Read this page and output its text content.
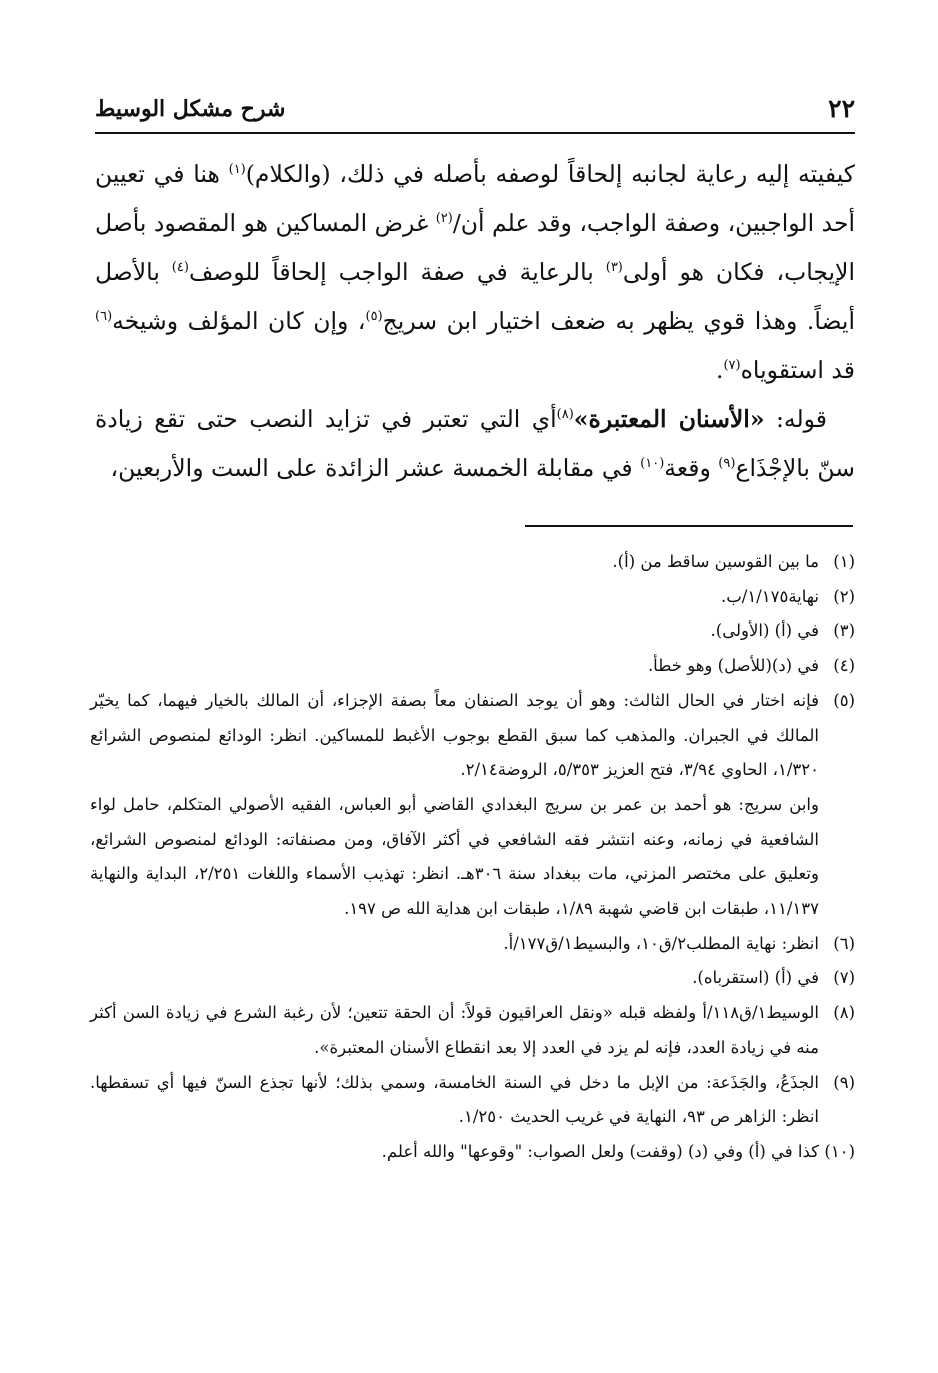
٢٢
شرح مشكل الوسيط

كيفيته إليه رعاية لجانبه إلحاقاً لوصفه بأصله في ذلك، (والكلام)$^{(١)}$ هنا في تعيين أحد الواجبين، وصفة الواجب، وقد علم أن/$^{(٢)}$ غرض المساكين هو المقصود بأصل الإيجاب، فكان هو أولى$^{(٣)}$ بالرعاية في صفة الواجب إلحاقاً للوصف$^{(٤)}$ بالأصل أيضاً. وهذا قوي يظهر به ضعف اختيار ابن سريج$^{(٥)}$، وإن كان المؤلف وشيخه$^{(٦)}$ قد استقوياه$^{(٧)}$.

قوله: «الأسنان المعتبرة»$^{(٨)}$أي التي تعتبر في تزايد النصب حتى تقع زيادة سنّ بالإجْذَاع$^{(٩)}$ وقعة$^{(١٠)}$ في مقابلة الخمسة عشر الزائدة على الست والأربعين،

(١)ما بين القوسين ساقط من (أ).

(٢)نهاية١/١٧٥/ب.

(٣)في (أ) (الأولى).

(٤)في (د)(للأصل) وهو خطأ.

(٥)فإنه اختار في الحال الثالث: وهو أن يوجد الصنفان معاً بصفة الإجزاء، أن المالك بالخيار فيهما، كما يخيّر المالك في الجبران. والمذهب كما سبق القطع بوجوب الأغبط للمساكين. انظر: الودائع لمنصوص الشرائع ١/٣٢٠، الحاوي ٣/٩٤، فتح العزيز ٥/٣٥٣، الروضة٢/١٤.

وابن سريج: هو أحمد بن عمر بن سريج البغدادي القاضي أبو العباس، الفقيه الأصولي المتكلم، حامل لواء الشافعية في زمانه، وعنه انتشر فقه الشافعي في أكثر الآفاق، ومن مصنفاته: الودائع لمنصوص الشرائع، وتعليق على مختصر المزني، مات ببغداد سنة ٣٠٦هـ. انظر: تهذيب الأسماء واللغات ٢/٢٥١، البداية والنهاية ١١/١٣٧، طبقات ابن قاضي شهبة ١/٨٩، طبقات ابن هداية الله ص ١٩٧.

(٦)انظر: نهاية المطلب٢/ق١٠، والبسيط١/ق١٧٧/أ.

(٧)في (أ) (استقرباه).

(٨)الوسيط١/ق١١٨/أ ولفظه قبله «ونقل العراقيون قولاً: أن الحقة تتعين؛ لأن رغبة الشرع في زيادة السن أكثر منه في زيادة العدد، فإنه لم يزد في العدد إلا بعد انقطاع الأسنان المعتبرة».

(٩)الجذَعُ، والجَذَعة: من الإبل ما دخل في السنة الخامسة، وسمي بذلك؛ لأنها تجذع السنّ فيها أي تسقطها. انظر: الزاهر ص ٩٣، النهاية في غريب الحديث ١/٢٥٠.

(١٠)كذا في (أ) وفي (د) (وقفت) ولعل الصواب: "وقوعها" والله أعلم.
